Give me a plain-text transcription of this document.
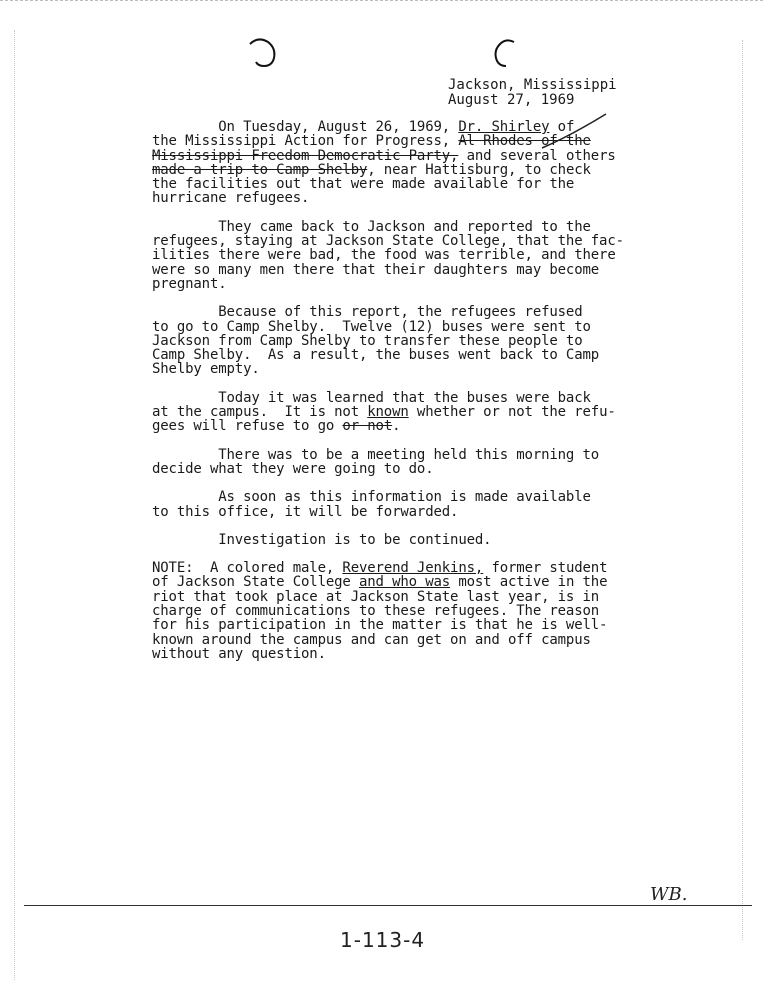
Jackson, Mississippi
August 27, 1969

On Tuesday, August 26, 1969, Dr. Shirley of
the Mississippi Action for Progress, Al Rhodes of the
Mississippi Freedom Democratic Party, and several others
made a trip to Camp Shelby, near Hattisburg, to check
the facilities out that were made available for the
hurricane refugees.

They came back to Jackson and reported to the
refugees, staying at Jackson State College, that the fac-
ilities there were bad, the food was terrible, and there
were so many men there that their daughters may become
pregnant.

Because of this report, the refugees refused
to go to Camp Shelby.  Twelve (12) buses were sent to
Jackson from Camp Shelby to transfer these people to
Camp Shelby.  As a result, the buses went back to Camp
Shelby empty.

Today it was learned that the buses were back
at the campus.  It is not known whether or not the refu-
gees will refuse to go or not.

There was to be a meeting held this morning to
decide what they were going to do.

As soon as this information is made available
to this office, it will be forwarded.

Investigation is to be continued.

NOTE:  A colored male, Reverend Jenkins, former student
of Jackson State College and who was most active in the
riot that took place at Jackson State last year, is in
charge of communications to these refugees. The reason
for his participation in the matter is that he is well-
known around the campus and can get on and off campus
without any question.

WB.
1-113-4
